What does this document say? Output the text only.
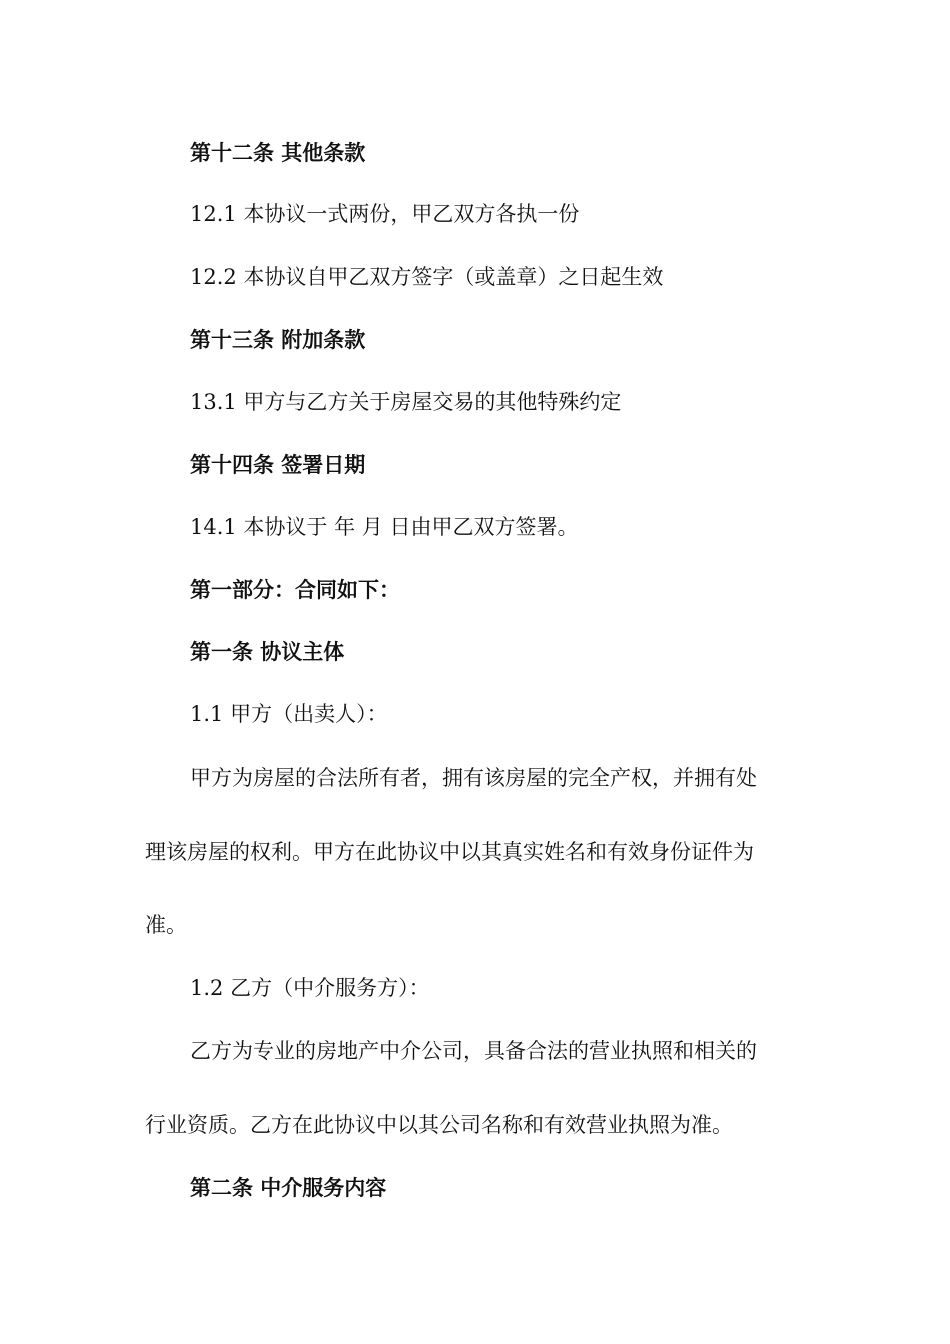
第十二条 其他条款
12.1 本协议一式两份，甲乙双方各执一份
12.2 本协议自甲乙双方签字（或盖章）之日起生效
第十三条 附加条款
13.1 甲方与乙方关于房屋交易的其他特殊约定
第十四条 签署日期
14.1 本协议于 年 月 日由甲乙双方签署。
第一部分：合同如下：
第一条 协议主体
1.1 甲方（出卖人）：
甲方为房屋的合法所有者，拥有该房屋的完全产权，并拥有处
理该房屋的权利。甲方在此协议中以其真实姓名和有效身份证件为
准。
1.2 乙方（中介服务方）：
乙方为专业的房地产中介公司，具备合法的营业执照和相关的
行业资质。乙方在此协议中以其公司名称和有效营业执照为准。
第二条 中介服务内容
